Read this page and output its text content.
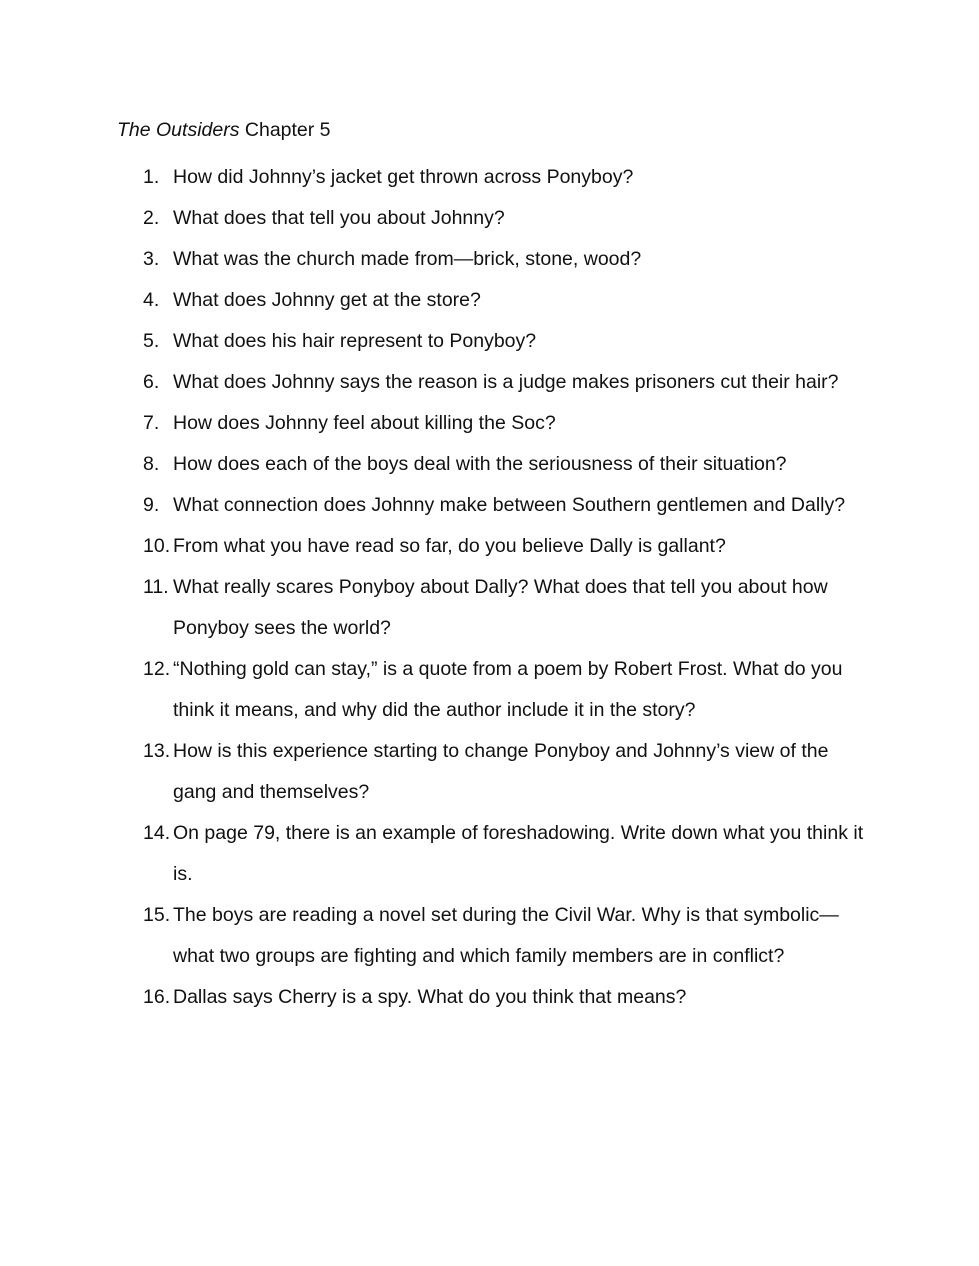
The Outsiders Chapter 5
1. How did Johnny’s jacket get thrown across Ponyboy?
2. What does that tell you about Johnny?
3. What was the church made from—brick, stone, wood?
4. What does Johnny get at the store?
5. What does his hair represent to Ponyboy?
6. What does Johnny says the reason is a judge makes prisoners cut their hair?
7. How does Johnny feel about killing the Soc?
8. How does each of the boys deal with the seriousness of their situation?
9. What connection does Johnny make between Southern gentlemen and Dally?
10. From what you have read so far, do you believe Dally is gallant?
11. What really scares Ponyboy about Dally? What does that tell you about how Ponyboy sees the world?
12. “Nothing gold can stay,” is a quote from a poem by Robert Frost. What do you think it means, and why did the author include it in the story?
13. How is this experience starting to change Ponyboy and Johnny’s view of the gang and themselves?
14. On page 79, there is an example of foreshadowing. Write down what you think it is.
15. The boys are reading a novel set during the Civil War. Why is that symbolic—what two groups are fighting and which family members are in conflict?
16. Dallas says Cherry is a spy. What do you think that means?
